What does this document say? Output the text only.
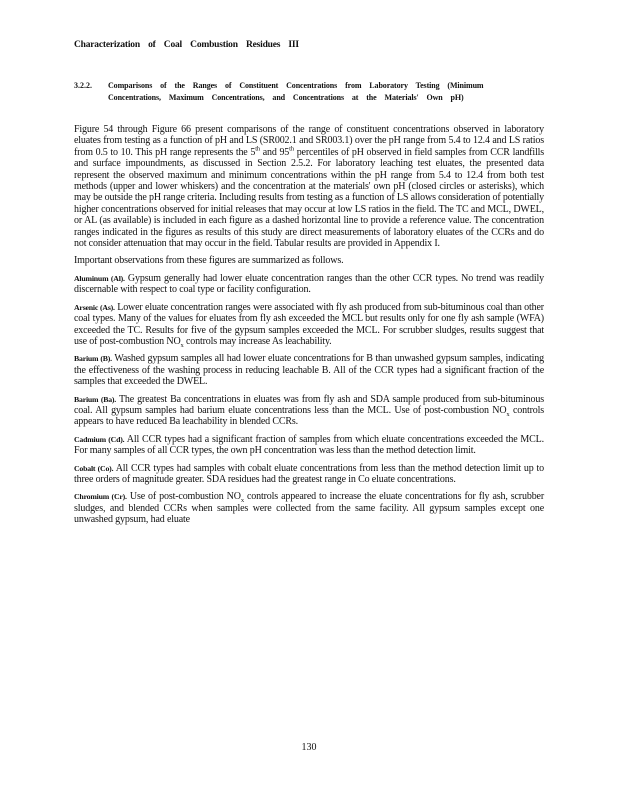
Characterization of Coal Combustion Residues III
3.2.2.	Comparisons of the Ranges of Constituent Concentrations from Laboratory Testing (Minimum Concentrations, Maximum Concentrations, and Concentrations at the Materials' Own pH)

Figure 54 through Figure 66 present comparisons of the range of constituent concentrations observed in laboratory eluates from testing as a function of pH and LS (SR002.1 and SR003.1) over the pH range from 5.4 to 12.4 and LS ratios from 0.5 to 10. This pH range represents the 5th and 95th percentiles of pH observed in field samples from CCR landfills and surface impoundments, as discussed in Section 2.5.2. For laboratory leaching test eluates, the presented data represent the observed maximum and minimum concentrations within the pH range from 5.4 to 12.4 from both test methods (upper and lower whiskers) and the concentration at the materials' own pH (closed circles or asterisks), which may be outside the pH range criteria. Including results from testing as a function of LS allows consideration of potentially higher concentrations observed for initial releases that may occur at low LS ratios in the field. The TC and MCL, DWEL, or AL (as available) is included in each figure as a dashed horizontal line to provide a reference value. The concentration ranges indicated in the figures as results of this study are direct measurements of laboratory eluates of the CCRs and do not consider attenuation that may occur in the field. Tabular results are provided in Appendix I.

Important observations from these figures are summarized as follows.

Aluminum (Al). Gypsum generally had lower eluate concentration ranges than the other CCR types. No trend was readily discernable with respect to coal type or facility configuration.

Arsenic (As). Lower eluate concentration ranges were associated with fly ash produced from sub-bituminous coal than other coal types. Many of the values for eluates from fly ash exceeded the MCL but results only for one fly ash sample (WFA) exceeded the TC. Results for five of the gypsum samples exceeded the MCL. For scrubber sludges, results suggest that use of post-combustion $NO_x$ controls may increase As leachability.

Barium (B). Washed gypsum samples all had lower eluate concentrations for B than unwashed gypsum samples, indicating the effectiveness of the washing process in reducing leachable B. All of the CCR types had a significant fraction of the samples that exceeded the DWEL.

Barium (Ba). The greatest Ba concentrations in eluates was from fly ash and SDA sample produced from sub-bituminous coal. All gypsum samples had barium eluate concentrations less than the MCL. Use of post-combustion $NO_x$ controls appears to have reduced Ba leachability in blended CCRs.

Cadmium (Cd). All CCR types had a significant fraction of samples from which eluate concentrations exceeded the MCL. For many samples of all CCR types, the own pH concentration was less than the method detection limit.

Cobalt (Co). All CCR types had samples with cobalt eluate concentrations from less than the method detection limit up to three orders of magnitude greater. SDA residues had the greatest range in Co eluate concentrations.

Chromium (Cr). Use of post-combustion $NO_x$ controls appeared to increase the eluate concentrations for fly ash, scrubber sludges, and blended CCRs when samples were collected from the same facility. All gypsum samples except one unwashed gypsum, had eluate

130
